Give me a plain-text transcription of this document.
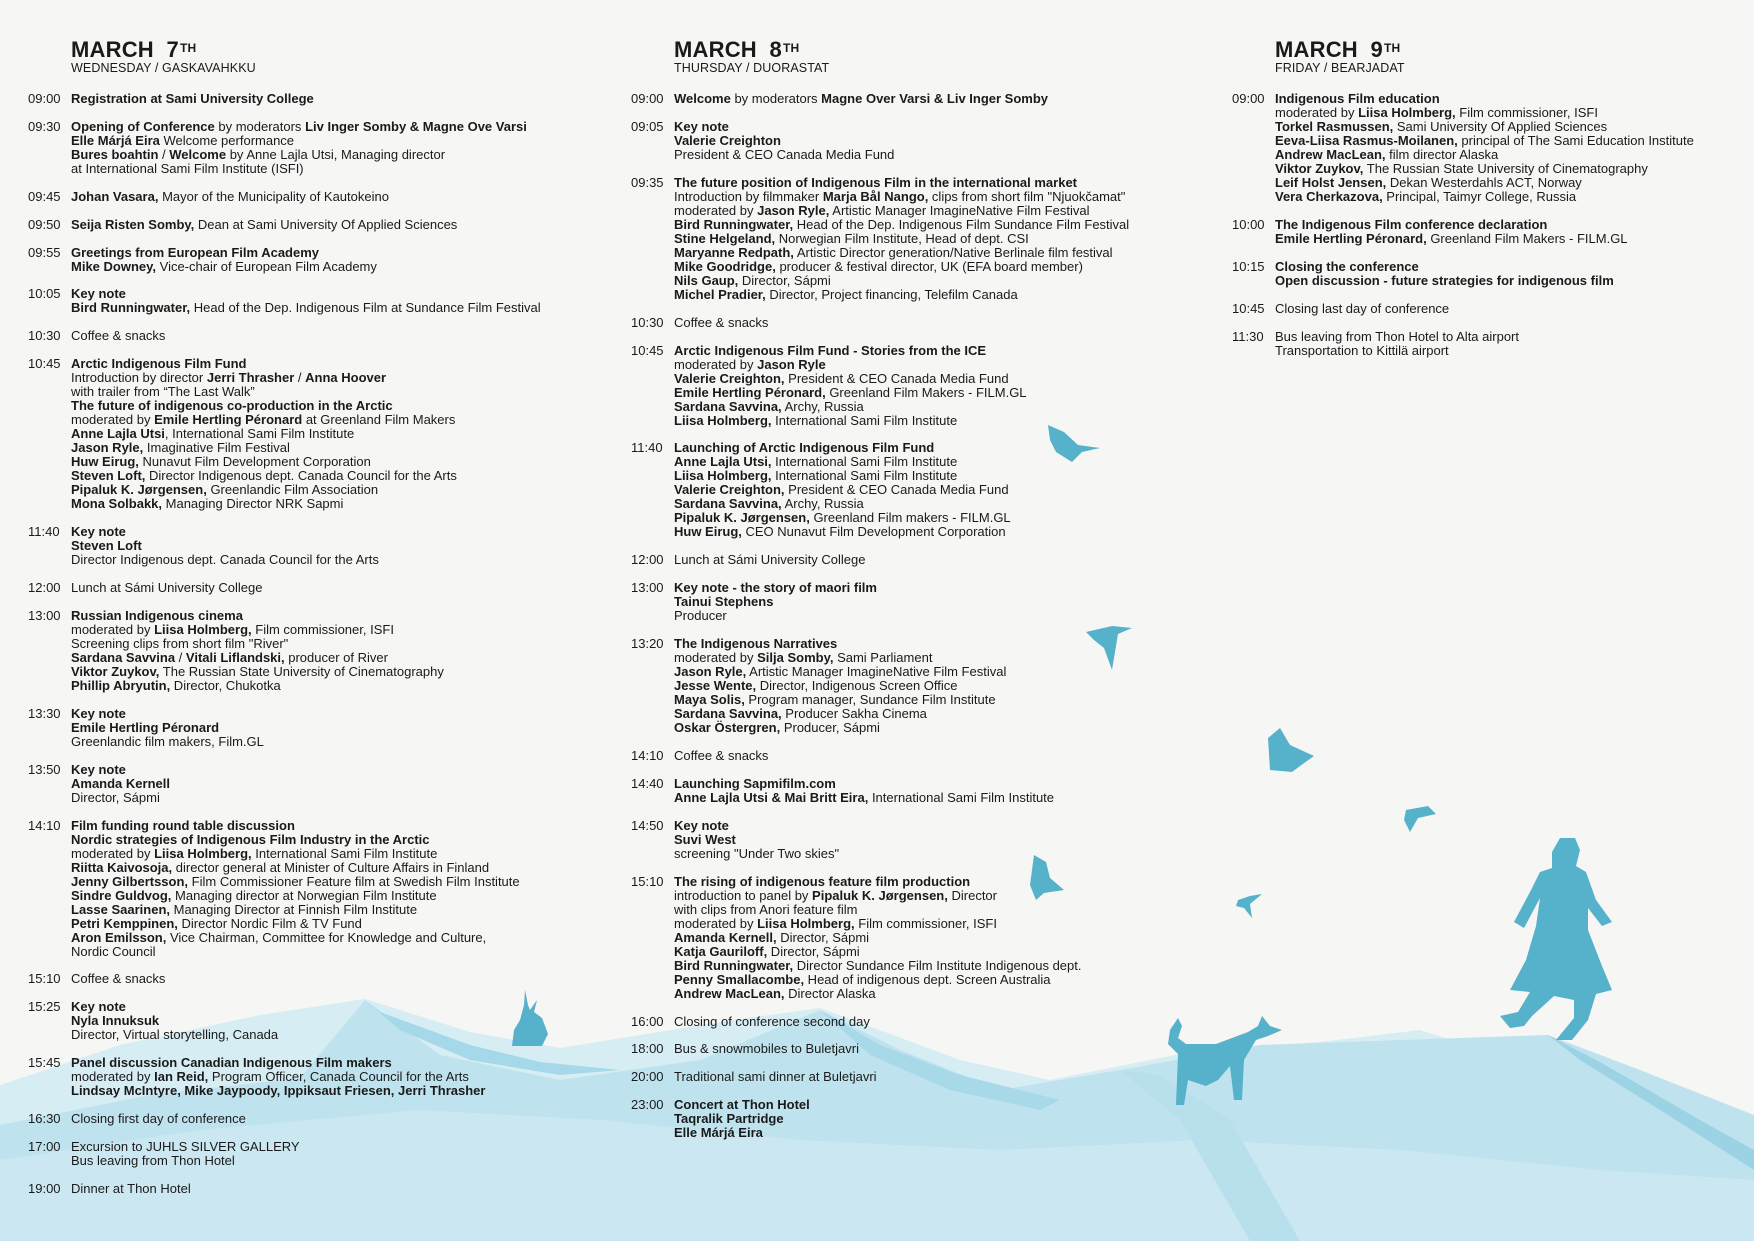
MARCH 7TH
WEDNESDAY / GASKAVAHKKU
09:00 Registration at Sami University College
09:30 Opening of Conference by moderators Liv Inger Somby & Magne Ove Varsi
Elle Márjá Eira Welcome performance
Bures boahtin / Welcome by Anne Lajla Utsi, Managing director
at International Sami Film Institute (ISFI)
09:45 Johan Vasara, Mayor of the Municipality of Kautokeino
09:50 Seija Risten Somby, Dean at Sami University Of Applied Sciences
09:55 Greetings from European Film Academy
Mike Downey, Vice-chair of European Film Academy
10:05 Key note
Bird Runningwater, Head of the Dep. Indigenous Film at Sundance Film Festival
10:30 Coffee & snacks
10:45 Arctic Indigenous Film Fund
Introduction by director Jerri Thrasher / Anna Hoover
with trailer from “The Last Walk”
The future of indigenous co-production in the Arctic
moderated by Emile Hertling Péronard at Greenland Film Makers
Anne Lajla Utsi, International Sami Film Institute
Jason Ryle, Imaginative Film Festival
Huw Eirug, Nunavut Film Development Corporation
Steven Loft, Director Indigenous dept. Canada Council for the Arts
Pipaluk K. Jørgensen, Greenlandic Film Association
Mona Solbakk, Managing Director NRK Sapmi
11:40 Key note
Steven Loft
Director Indigenous dept. Canada Council for the Arts
12:00 Lunch at Sámi University College
13:00 Russian Indigenous cinema
moderated by Liisa Holmberg, Film commissioner, ISFI
Screening clips from short film "River"
Sardana Savvina / Vitali Liflandski, producer of River
Viktor Zuykov, The Russian State University of Cinematography
Phillip Abryutin, Director, Chukotka
13:30 Key note
Emile Hertling Péronard
Greenlandic film makers, Film.GL
13:50 Key note
Amanda Kernell
Director, Sápmi
14:10 Film funding round table discussion
Nordic strategies of Indigenous Film Industry in the Arctic
moderated by Liisa Holmberg, International Sami Film Institute
Riitta Kaivosoja, director general at Minister of Culture Affairs in Finland
Jenny Gilbertsson, Film Commissioner Feature film at Swedish Film Institute
Sindre Guldvog, Managing director at Norwegian Film Institute
Lasse Saarinen, Managing Director at Finnish Film Institute
Petri Kemppinen, Director Nordic Film & TV Fund
Aron Emilsson, Vice Chairman, Committee for Knowledge and Culture,
Nordic Council
15:10 Coffee & snacks
15:25 Key note
Nyla Innuksuk
Director, Virtual storytelling, Canada
15:45 Panel discussion Canadian Indigenous Film makers
moderated by Ian Reid, Program Officer, Canada Council for the Arts
Lindsay McIntyre, Mike Jaypoody, Ippiksaut Friesen, Jerri Thrasher
16:30 Closing first day of conference
17:00 Excursion to JUHLS SILVER GALLERY
Bus leaving from Thon Hotel
19:00 Dinner at Thon Hotel
MARCH 8TH
THURSDAY / DUORASTAT
09:00 Welcome by moderators Magne Over Varsi & Liv Inger Somby
09:05 Key note
Valerie Creighton
President & CEO Canada Media Fund
09:35 The future position of Indigenous Film in the international market
Introduction by filmmaker Marja Bål Nango, clips from short film "Njuokčamat"
moderated by Jason Ryle, Artistic Manager ImagineNative Film Festival
Bird Runningwater, Head of the Dep. Indigenous Film Sundance Film Festival
Stine Helgeland, Norwegian Film Institute, Head of dept. CSI
Maryanne Redpath, Artistic Director generation/Native Berlinale film festival
Mike Goodridge, producer & festival director, UK (EFA board member)
Nils Gaup, Director, Sápmi
Michel Pradier, Director, Project financing, Telefilm Canada
10:30 Coffee & snacks
10:45 Arctic Indigenous Film Fund - Stories from the ICE
moderated by Jason Ryle
Valerie Creighton, President & CEO Canada Media Fund
Emile Hertling Péronard, Greenland Film Makers - FILM.GL
Sardana Savvina, Archy, Russia
Liisa Holmberg, International Sami Film Institute
11:40 Launching of Arctic Indigenous Film Fund
Anne Lajla Utsi, International Sami Film Institute
Liisa Holmberg, International Sami Film Institute
Valerie Creighton, President & CEO Canada Media Fund
Sardana Savvina, Archy, Russia
Pipaluk K. Jørgensen, Greenland Film makers - FILM.GL
Huw Eirug, CEO Nunavut Film Development Corporation
12:00 Lunch at Sámi University College
13:00 Key note - the story of maori film
Tainui Stephens
Producer
13:20 The Indigenous Narratives
moderated by Silja Somby, Sami Parliament
Jason Ryle, Artistic Manager ImagineNative Film Festival
Jesse Wente, Director, Indigenous Screen Office
Maya Solis, Program manager, Sundance Film Institute
Sardana Savvina, Producer Sakha Cinema
Oskar Östergren, Producer, Sápmi
14:10 Coffee & snacks
14:40 Launching Sapmifilm.com
Anne Lajla Utsi & Mai Britt Eira, International Sami Film Institute
14:50 Key note
Suvi West
screening "Under Two skies"
15:10 The rising of indigenous feature film production
introduction to panel by Pipaluk K. Jørgensen, Director
with clips from Anori feature film
moderated by Liisa Holmberg, Film commissioner, ISFI
Amanda Kernell, Director, Sápmi
Katja Gauriloff, Director, Sápmi
Bird Runningwater, Director Sundance Film Institute Indigenous dept.
Penny Smallacombe, Head of indigenous dept. Screen Australia
Andrew MacLean, Director Alaska
16:00 Closing of conference second day
18:00 Bus & snowmobiles to Buletjavri
20:00 Traditional sami dinner at Buletjavri
23:00 Concert at Thon Hotel
Taqralik Partridge
Elle Márjá Eira
MARCH 9TH
FRIDAY / BEARJADAT
09:00 Indigenous Film education
moderated by Liisa Holmberg, Film commissioner, ISFI
Torkel Rasmussen, Sami University Of Applied Sciences
Eeva-Liisa Rasmus-Moilanen, principal of The Sami Education Institute
Andrew MacLean, film director Alaska
Viktor Zuykov, The Russian State University of Cinematography
Leif Holst Jensen, Dekan Westerdahls ACT, Norway
Vera Cherkazova, Principal, Taimyr College, Russia
10:00 The Indigenous Film conference declaration
Emile Hertling Péronard, Greenland Film Makers - FILM.GL
10:15 Closing the conference
Open discussion - future strategies for indigenous film
10:45 Closing last day of conference
11:30 Bus leaving from Thon Hotel to Alta airport
Transportation to Kittilä airport
